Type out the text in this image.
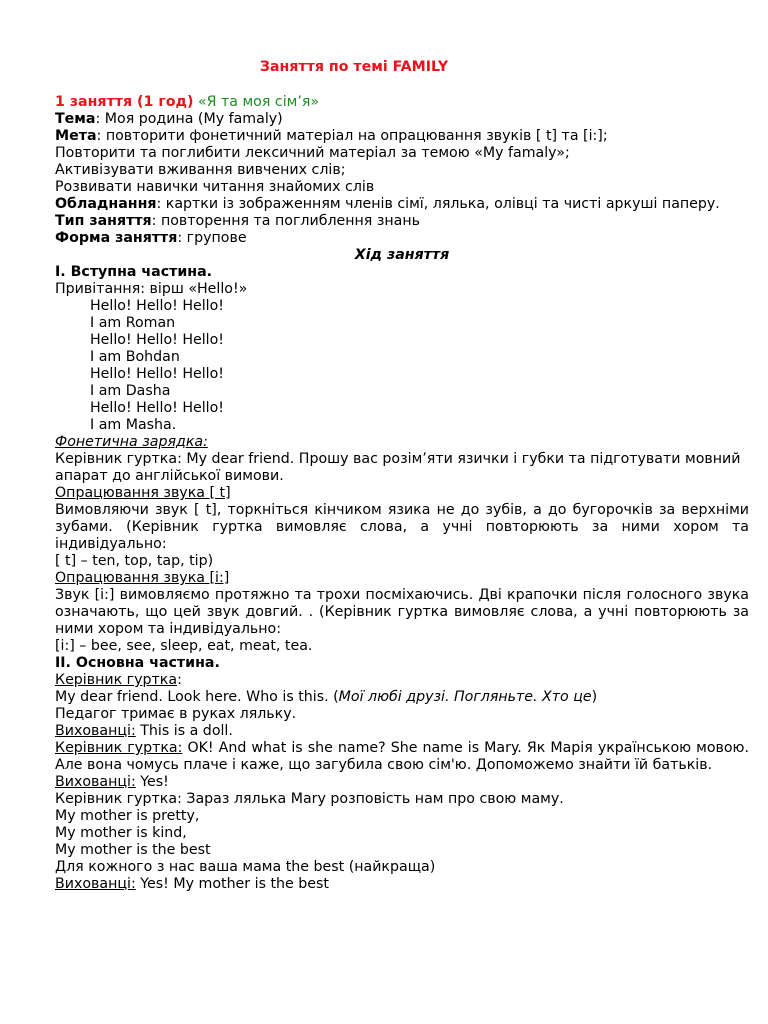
Заняття по темі FAMILY

1 заняття (1 год) «Я та моя сім’я»

Тема: Моя родина (My famaly)

Мета: повторити фонетичний матеріал на опрацювання звуків [ t] та [i:];

Повторити та поглибити лексичний матеріал за темою «My famaly»;

Активізувати вживання вивчених слів;

Розвивати навички читання знайомих слів

Обладнання: картки із зображенням членів сімї, лялька, олівці та чисті аркуші паперу.

Тип заняття: повторення та поглиблення знань

Форма заняття: групове

Хід заняття

І. Вступна частина.

Привітання: вірш «Hello!»

Hello! Hello! Hello!

I am Roman

Hello! Hello! Hello!

I am Bohdan

Hello! Hello! Hello!

I am Dasha

Hello! Hello! Hello!

I am Masha.

Фонетична зарядка:

Керівник гуртка: My dear friend. Прошу вас розім’яти язички і губки та підготувати мовний апарат до англійської вимови.

Опрацювання звука [ t]

Вимовляючи звук [ t], торкніться кінчиком язика не до зубів, а до бугорочків за верхніми зубами. (Керівник гуртка вимовляє слова, а учні повторюють за ними хором та індивідуально:

[ t] – ten, top, tap, tip)

Опрацювання звука [i:]

Звук [i:] вимовляємо протяжно та трохи посміхаючись. Дві крапочки після голосного звука означають, що цей звук довгий. . (Керівник гуртка вимовляє слова, а учні повторюють за ними хором та індивідуально:

[i:] – bee, see, sleep, eat, meat, tea.

ІІ. Основна частина.

Керівник гуртка:

My dear friend. Look here. Who is this. (Мої любі друзі. Погляньте. Хто це)

Педагог тримає в руках ляльку.

Вихованці: This is a doll.

Керівник гуртка: OK! And what is she name? She name is Mary. Як Марія українською мовою. Але вона чомусь плаче і каже, що загубила свою сім'ю. Допоможемо знайти їй батьків.

Вихованці: Yes!

Керівник гуртка: Зараз лялька Mary розповість нам про свою маму.

My mother is pretty,

My mother is kind,

My mother is the best

Для кожного з нас ваша мама the best (найкраща)

Вихованці: Yes! My mother is the best
